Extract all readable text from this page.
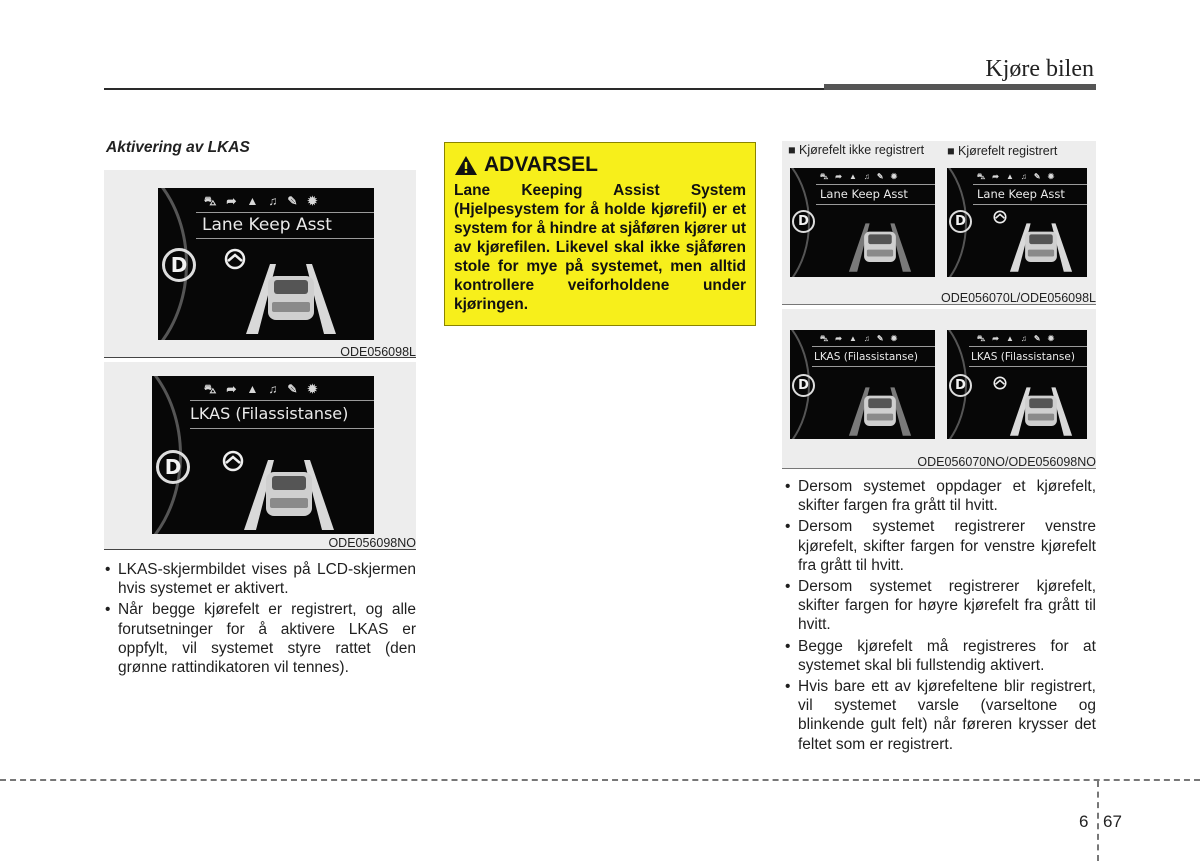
Kjøre bilen
Aktivering av LKAS
⛍ ➦ ▲ ♫ ✎ ✹
Lane Keep Asst
D
ODE056098L
⛍ ➦ ▲ ♫ ✎ ✹
LKAS (Filassistanse)
D
ODE056098NO
• LKAS-skjermbildet vises på LCD-skjermen hvis systemet er aktivert.
• Når begge kjørefelt er registrert, og alle forutsetninger for å aktivere LKAS er oppfylt, vil systemet styre rattet (den grønne rattindikatoren vil tennes).
ADVARSEL
Lane Keeping Assist System (Hjelpesystem for å holde kjørefil) er et system for å hindre at sjåføren kjører ut av kjørefilen. Likevel skal ikke sjåføren stole for mye på systemet, men alltid kontrollere veiforholdene under kjøringen.
■ Kjørefelt ikke registrert ■ Kjørefelt registrert
⛍ ➦ ▲ ♫ ✎ ✹
Lane Keep Asst
D
⛍ ➦ ▲ ♫ ✎ ✹
Lane Keep Asst
D
ODE056070L/ODE056098L
⛍ ➦ ▲ ♫ ✎ ✹
LKAS (Filassistanse)
D
⛍ ➦ ▲ ♫ ✎ ✹
LKAS (Filassistanse)
D
ODE056070NO/ODE056098NO
• Dersom systemet oppdager et kjørefelt, skifter fargen fra grått til hvitt.
• Dersom systemet registrerer venstre kjørefelt, skifter fargen for venstre kjørefelt fra grått til hvitt.
• Dersom systemet registrerer kjørefelt, skifter fargen for høyre kjørefelt fra grått til hvitt.
• Begge kjørefelt må registreres for at systemet skal bli fullstendig aktivert.
• Hvis bare ett av kjørefeltene blir registrert, vil systemet varsle (varseltone og blinkende gult felt) når føreren krysser det feltet som er registrert.
6 67
